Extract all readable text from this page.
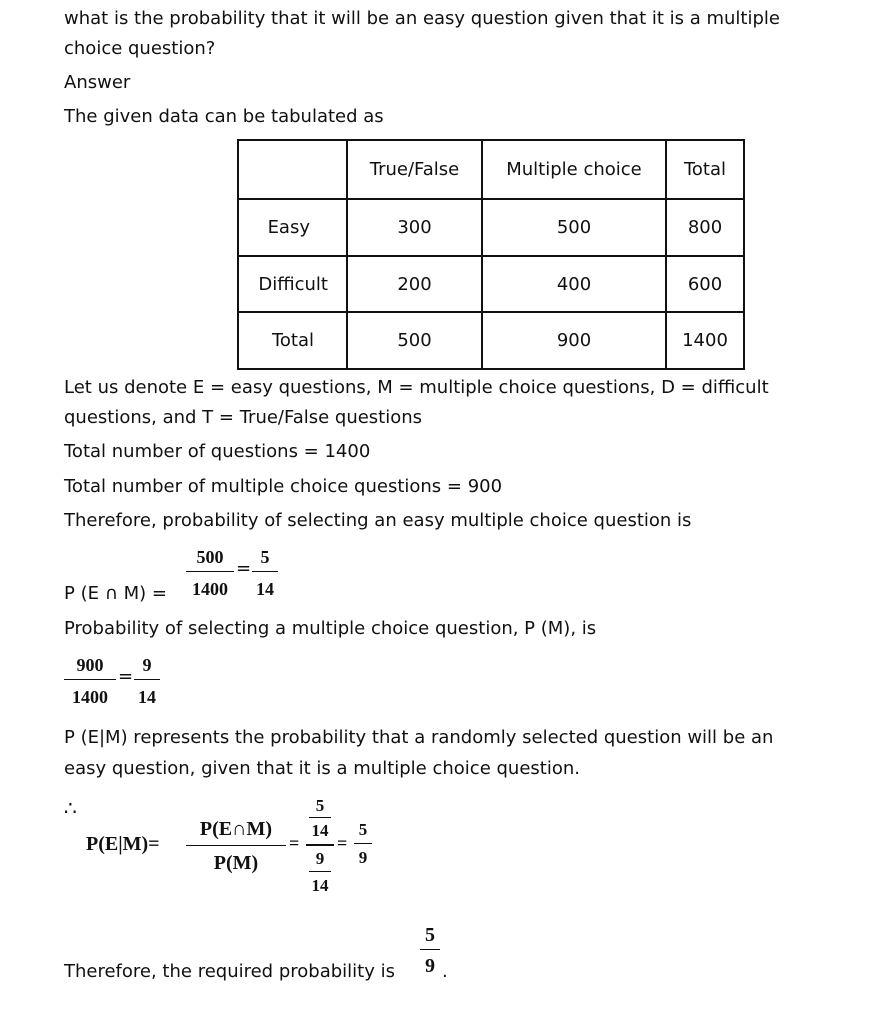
what is the probability that it will be an easy question given that it is a multiple
choice question?
Answer
The given data can be tabulated as
	True/False	Multiple choice	Total
Easy	300	500	800
Difficult	200	400	600
Total	500	900	1400
Let us denote E = easy questions, M = multiple choice questions, D = difficult
questions, and T = True/False questions
Total number of questions = 1400
Total number of multiple choice questions = 900
Therefore, probability of selecting an easy multiple choice question is
P (E ∩ M) =
500
1400
=
5
14
Probability of selecting a multiple choice question, P (M), is
900
1400
=
9
14
P (E|M) represents the probability that a randomly selected question will be an
easy question, given that it is a multiple choice question.
∴
P(E|M)=
P(E∩M)
P(M)
=
5
14
9
14
=
5
9
Therefore, the required probability is
5
9 .
